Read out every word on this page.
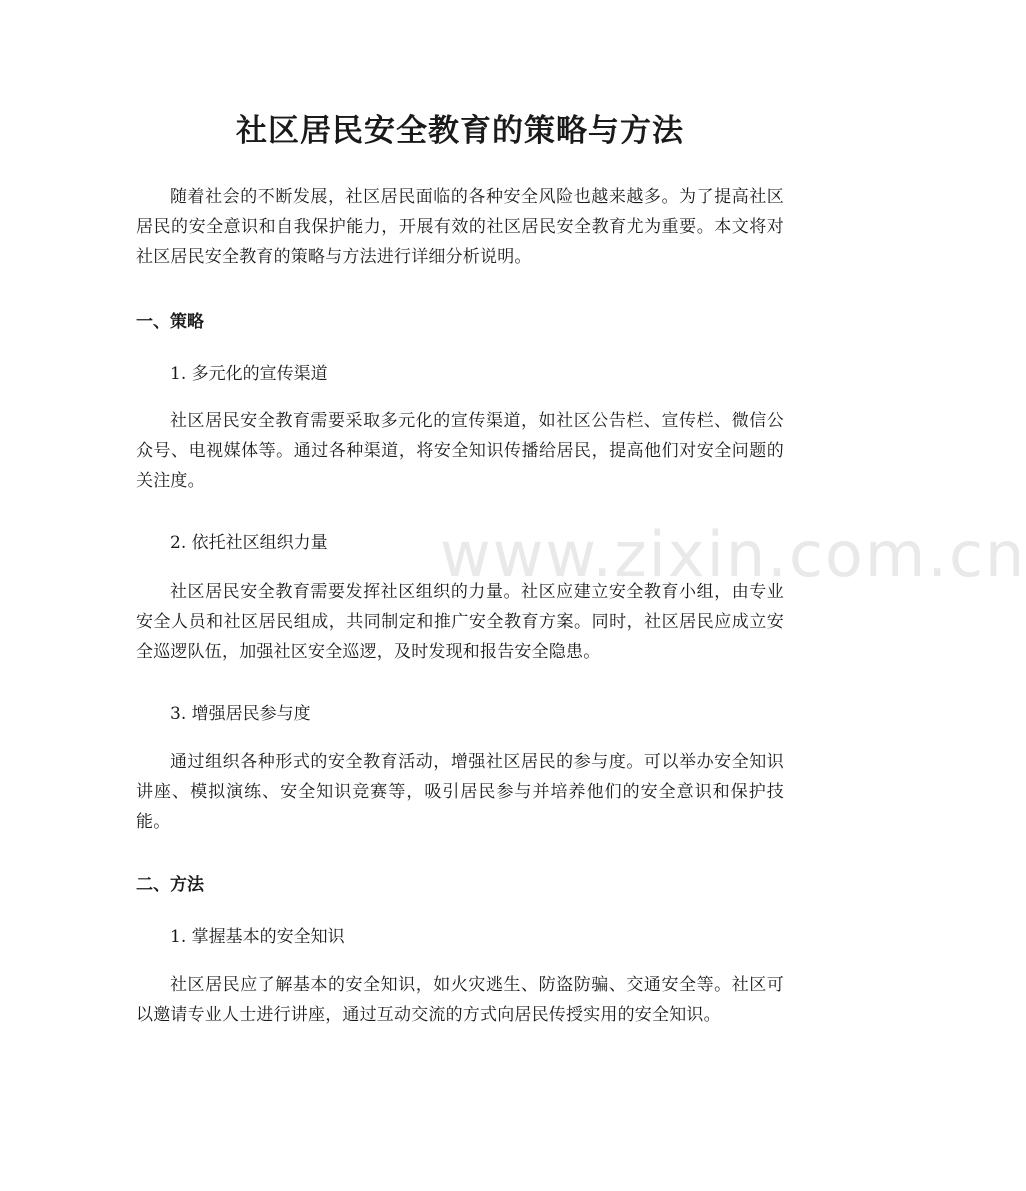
www.zixin.com.cn
社区居民安全教育的策略与方法

随着社会的不断发展，社区居民面临的各种安全风险也越来越多。为了提高社区居民的安全意识和自我保护能力，开展有效的社区居民安全教育尤为重要。本文将对社区居民安全教育的策略与方法进行详细分析说明。

一、策略
1. 多元化的宣传渠道

社区居民安全教育需要采取多元化的宣传渠道，如社区公告栏、宣传栏、微信公众号、电视媒体等。通过各种渠道，将安全知识传播给居民，提高他们对安全问题的关注度。

2. 依托社区组织力量

社区居民安全教育需要发挥社区组织的力量。社区应建立安全教育小组，由专业安全人员和社区居民组成，共同制定和推广安全教育方案。同时，社区居民应成立安全巡逻队伍，加强社区安全巡逻，及时发现和报告安全隐患。

3. 增强居民参与度

通过组织各种形式的安全教育活动，增强社区居民的参与度。可以举办安全知识讲座、模拟演练、安全知识竞赛等，吸引居民参与并培养他们的安全意识和保护技能。

二、方法
1. 掌握基本的安全知识

社区居民应了解基本的安全知识，如火灾逃生、防盗防骗、交通安全等。社区可以邀请专业人士进行讲座，通过互动交流的方式向居民传授实用的安全知识。
